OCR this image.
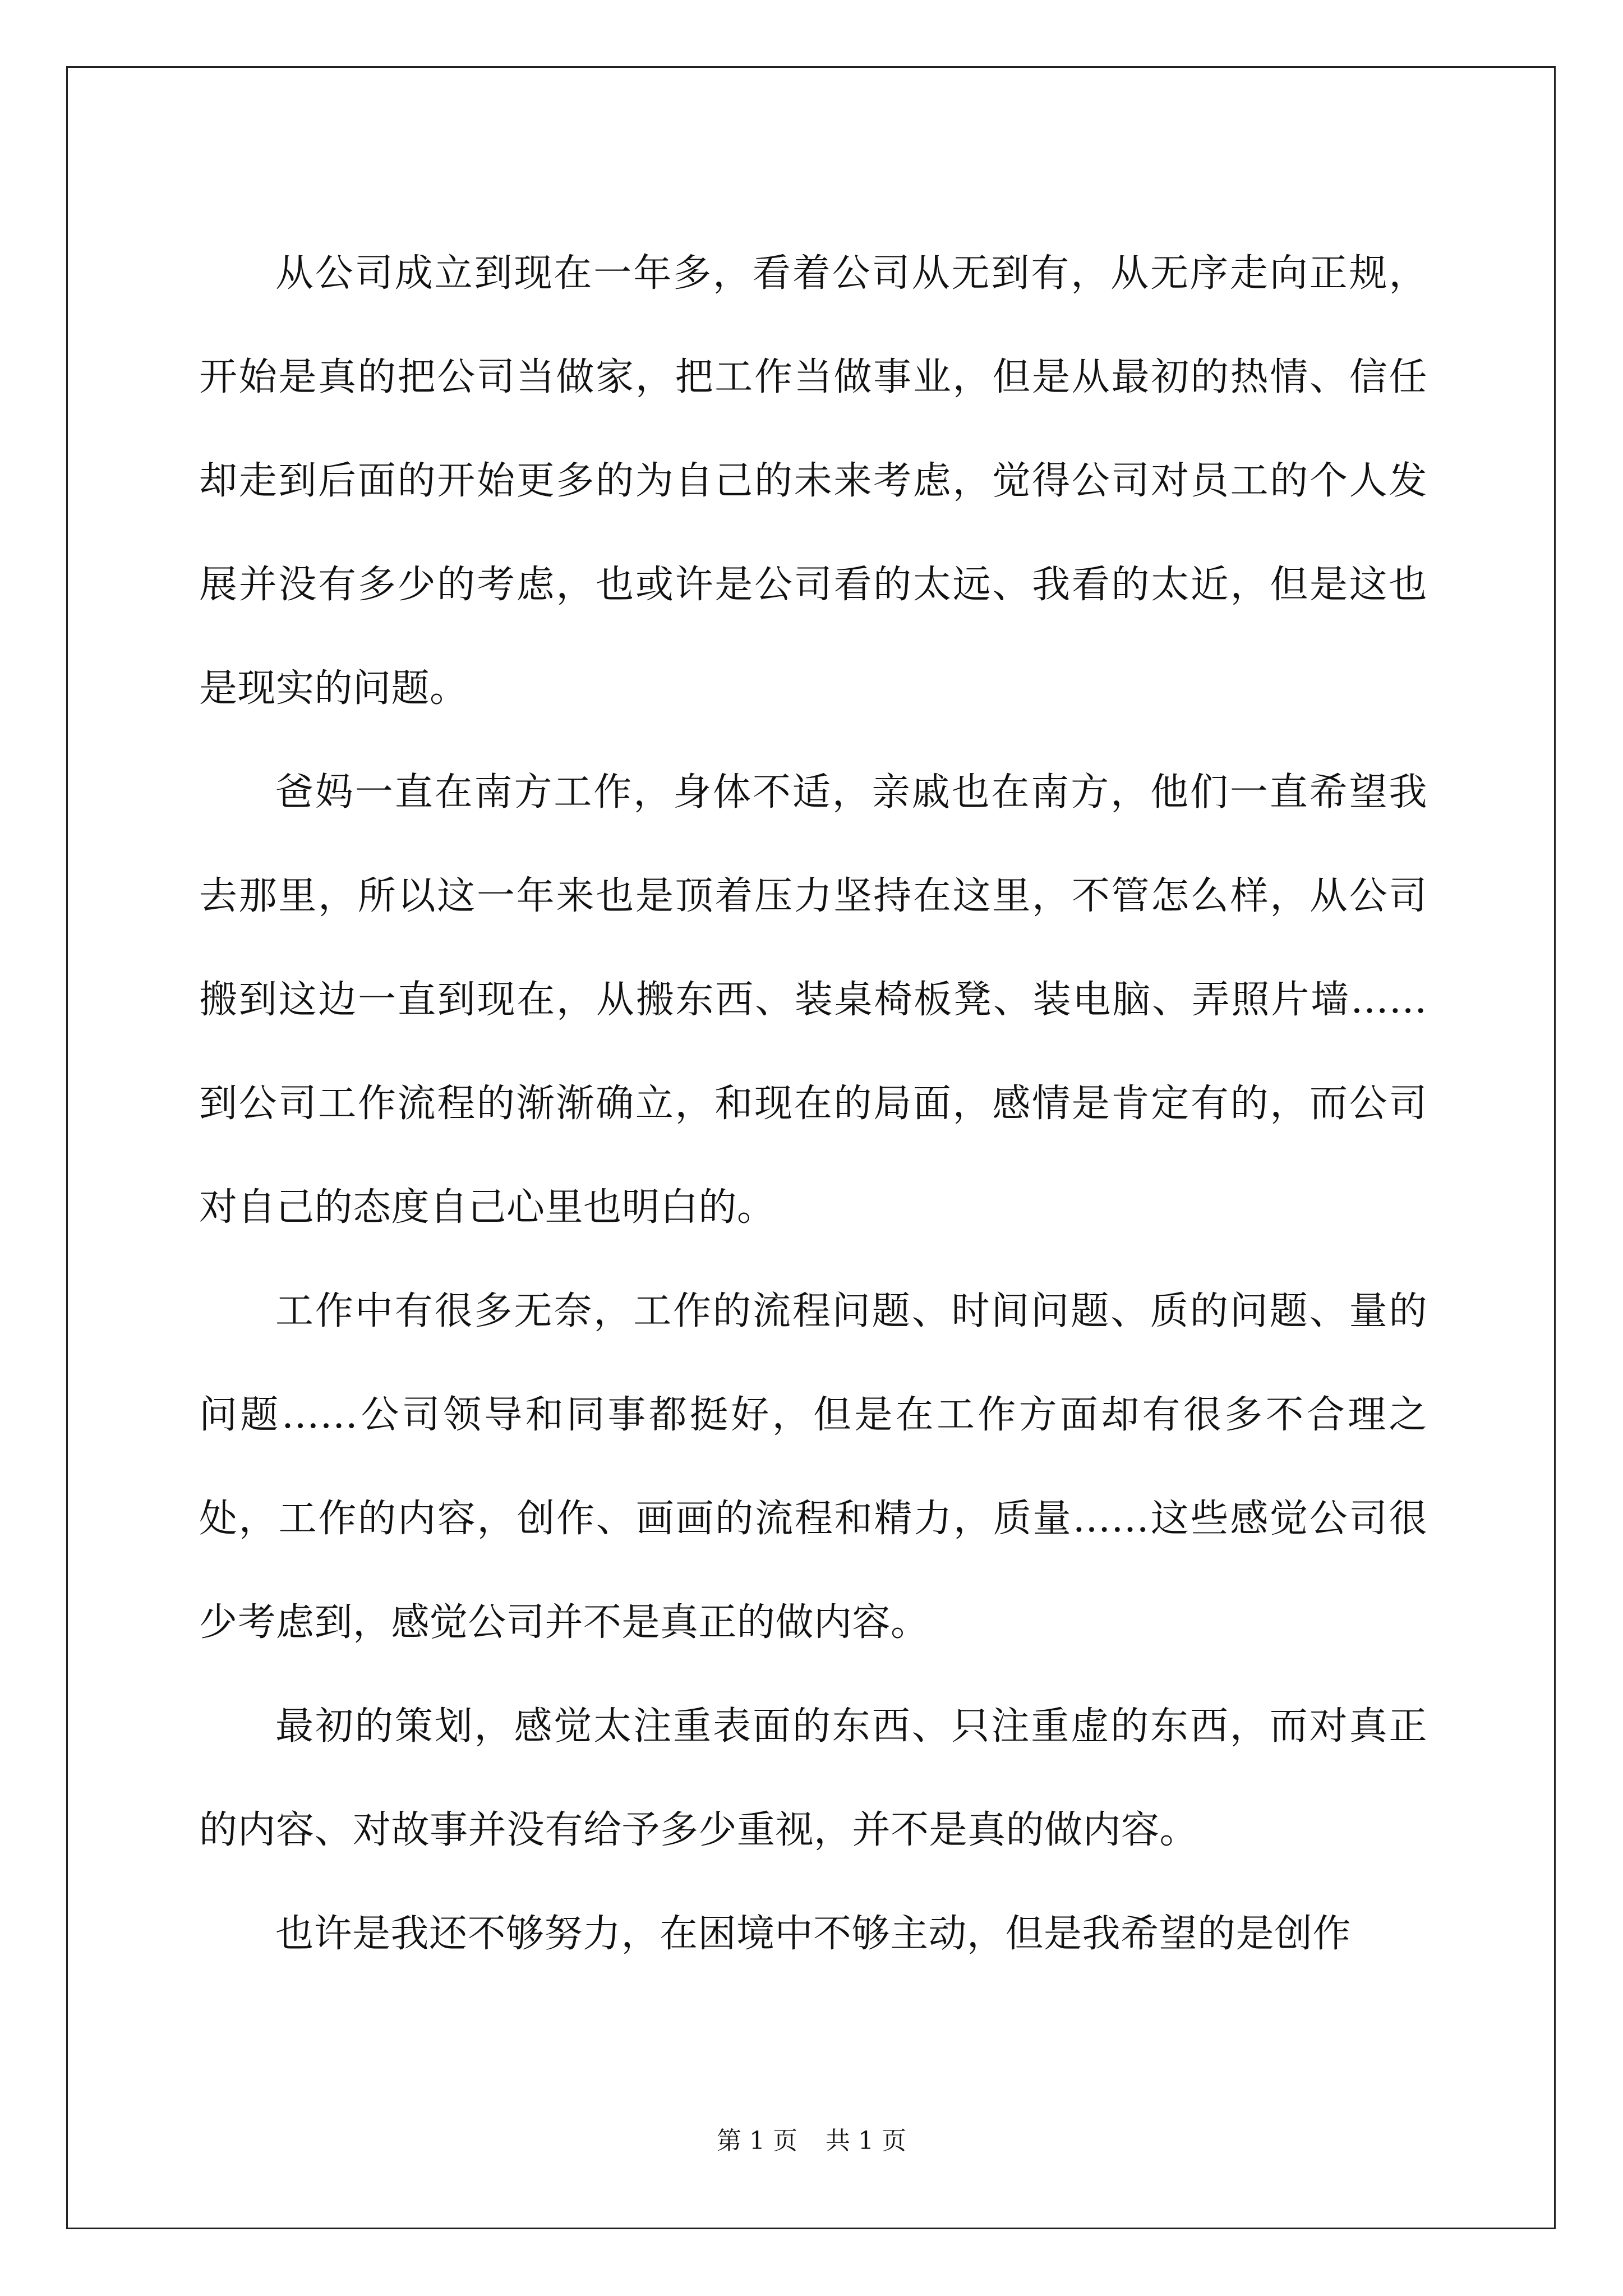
从公司成立到现在一年多，看着公司从无到有，从无序走向正规，开始是真的把公司当做家，把工作当做事业，但是从最初的热情、信任却走到后面的开始更多的为自己的未来考虑，觉得公司对员工的个人发展并没有多少的考虑，也或许是公司看的太远、我看的太近，但是这也是现实的问题。

爸妈一直在南方工作，身体不适，亲戚也在南方，他们一直希望我去那里，所以这一年来也是顶着压力坚持在这里，不管怎么样，从公司搬到这边一直到现在，从搬东西、装桌椅板凳、装电脑、弄照片墙……到公司工作流程的渐渐确立，和现在的局面，感情是肯定有的，而公司对自己的态度自己心里也明白的。

工作中有很多无奈，工作的流程问题、时间问题、质的问题、量的问题……公司领导和同事都挺好，但是在工作方面却有很多不合理之处，工作的内容，创作、画画的流程和精力，质量……这些感觉公司很少考虑到，感觉公司并不是真正的做内容。

最初的策划，感觉太注重表面的东西、只注重虚的东西，而对真正的内容、对故事并没有给予多少重视，并不是真的做内容。

也许是我还不够努力，在困境中不够主动，但是我希望的是创作

第 1 页 共 1 页
